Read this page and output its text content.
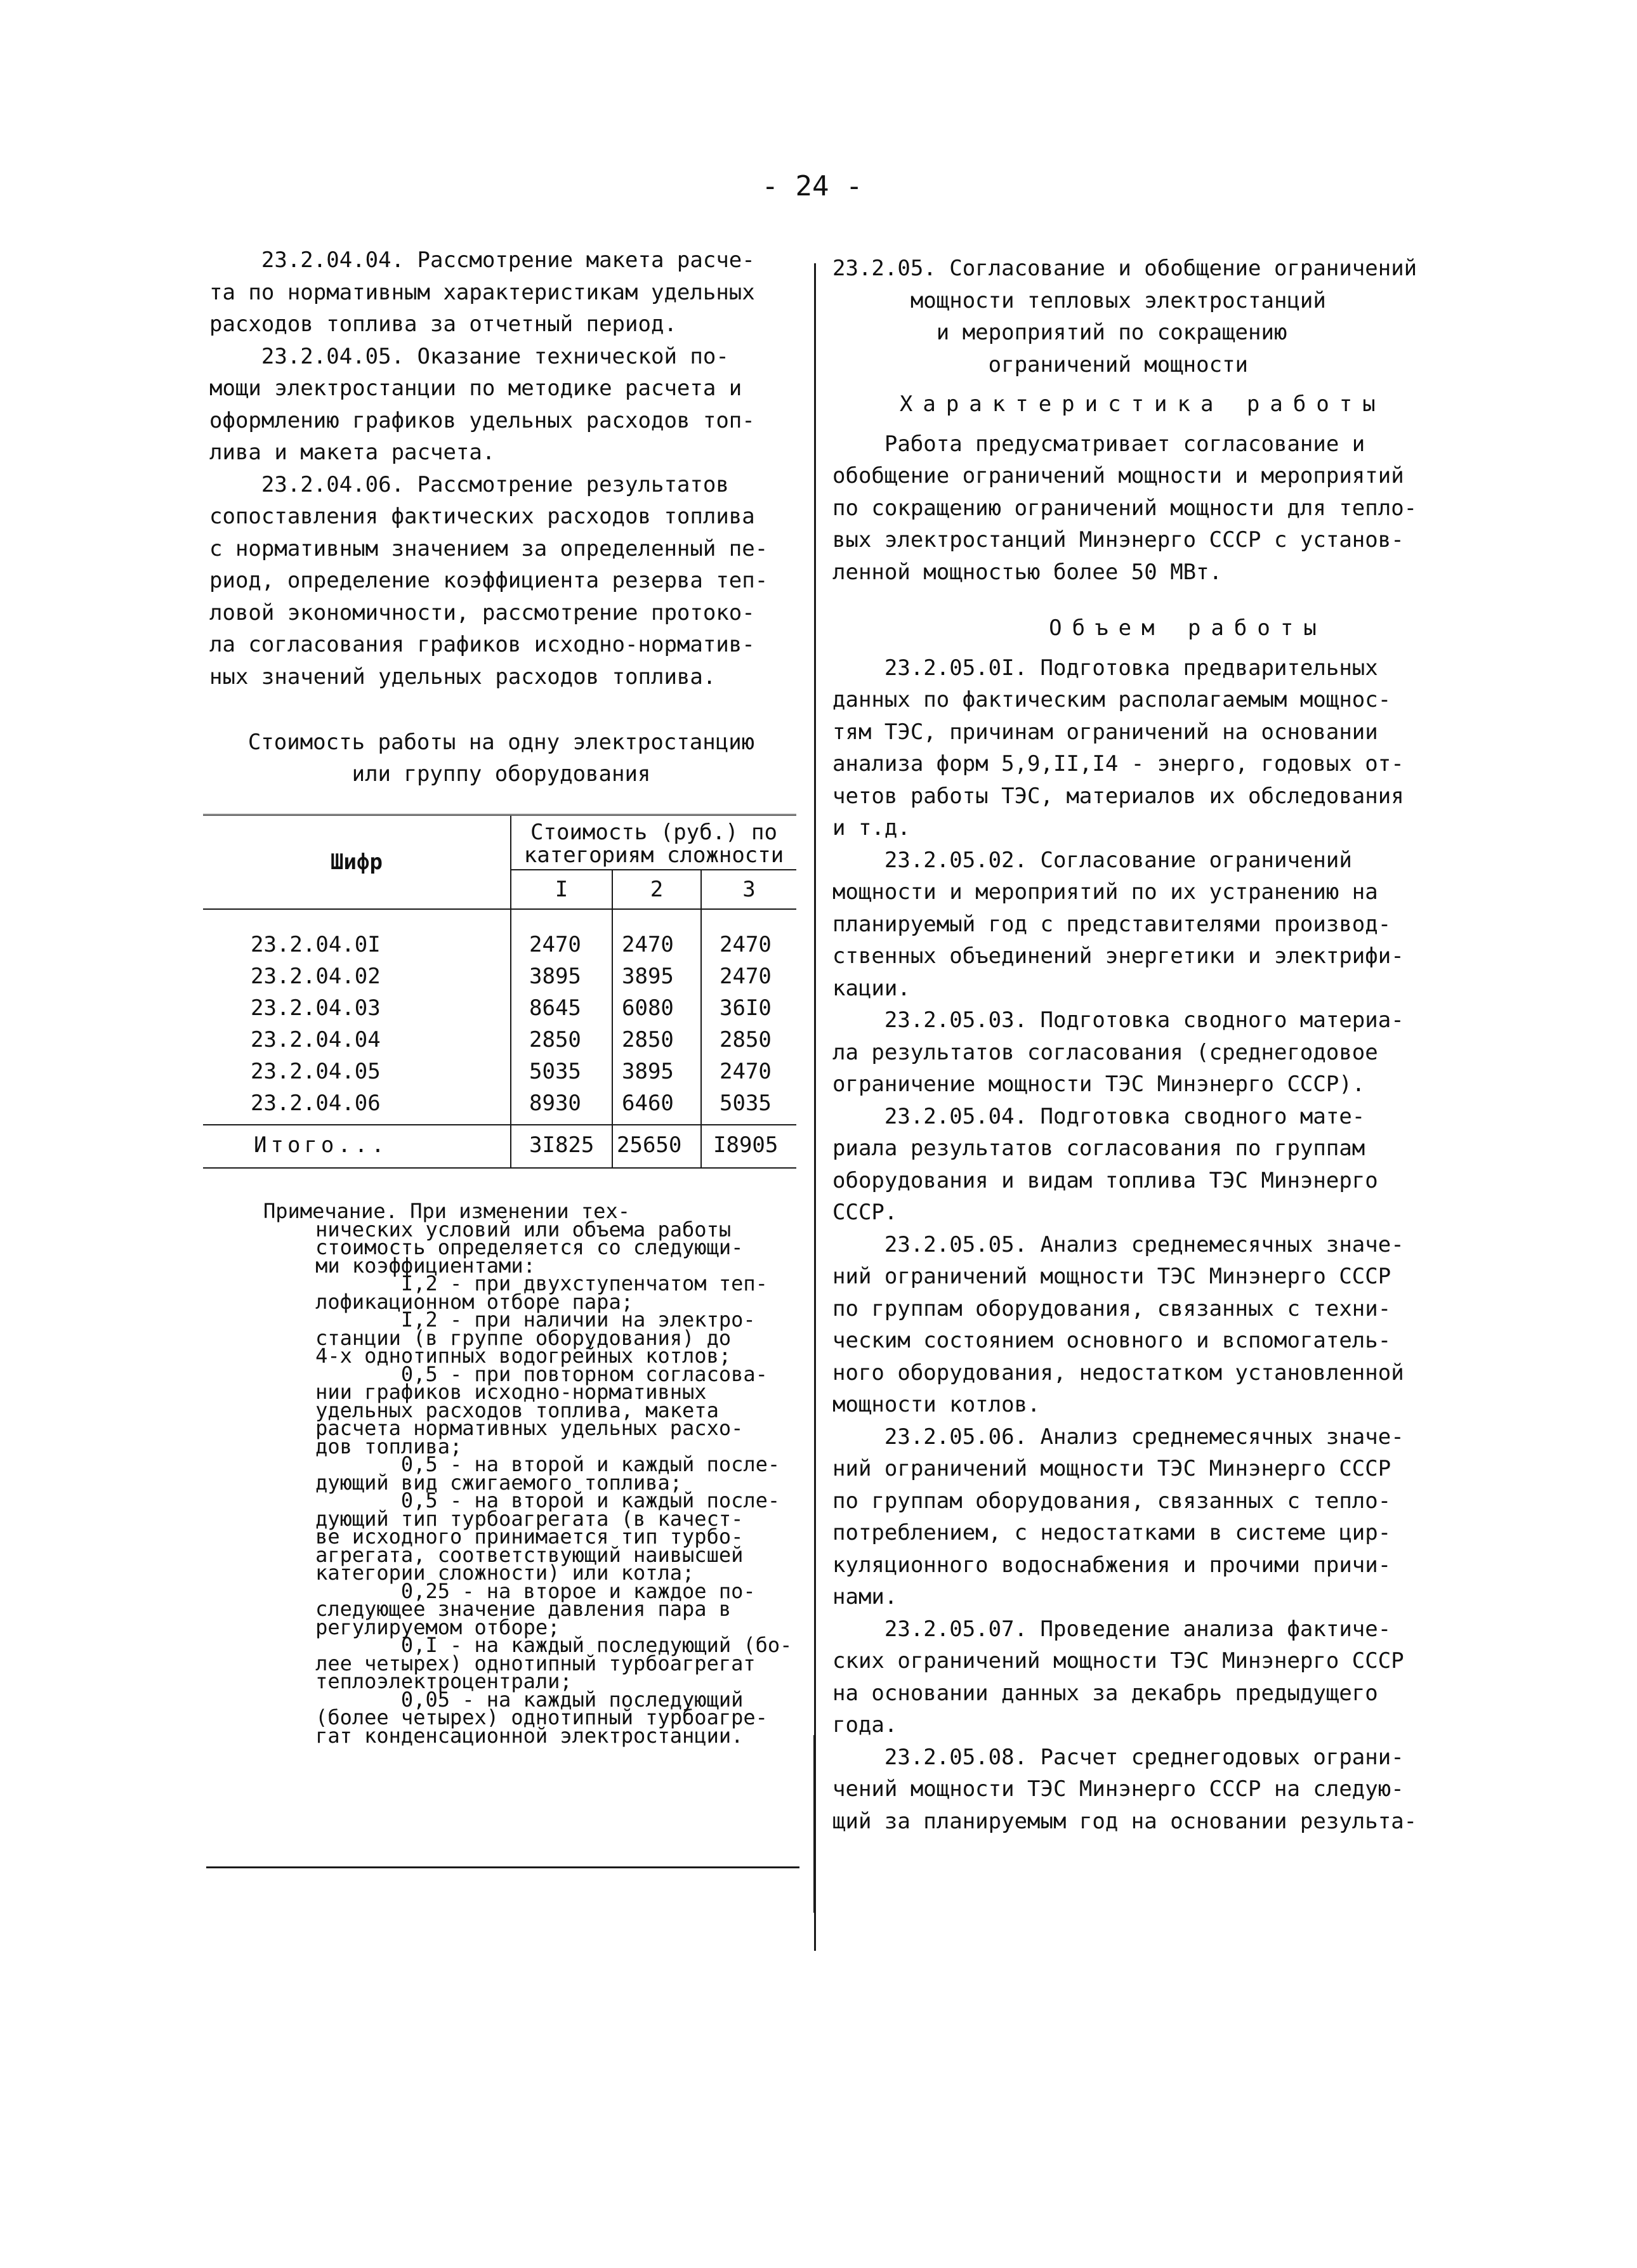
- 24 -

23.2.04.04. Рассмотрение макета расче-

та по нормативным характеристикам удельных

расходов топлива за отчетный период.

23.2.04.05. Оказание технической по-

мощи электростанции по методике расчета и

оформлению графиков удельных расходов топ-

лива и макета расчета.

23.2.04.06. Рассмотрение результатов

сопоставления фактических расходов топлива

с нормативным значением за определенный пе-

риод, определение коэффициента резерва теп-

ловой экономичности, рассмотрение протоко-

ла согласования графиков исходно-норматив-

ных значений удельных расходов топлива.

Стоимость работы на одну электростанцию
или группу оборудования
Шифр	Стоимость (руб.) по
категориям сложности		

	I	2	3
23.2.04.0I	2470	2470	2470
23.2.04.02	3895	3895	2470
23.2.04.03	8645	6080	36I0
23.2.04.04	2850	2850	2850
23.2.04.05	5035	3895	2470
23.2.04.06	8930	6460	5035
Итого...	3I825	25650	I8905

Примечание. При изменении тех-

нических условий или объема работы

стоимость определяется со следующи-

ми коэффициентами:

I,2 - при двухступенчатом теп-

лофикационном отборе пара;

I,2 - при наличии на электро-

станции (в группе оборудования) до

4-х однотипных водогрейных котлов;

0,5 - при повторном согласова-

нии графиков исходно-нормативных

удельных расходов топлива, макета

расчета нормативных удельных расхо-

дов топлива;

0,5 - на второй и каждый после-

дующий вид сжигаемого топлива;

0,5 - на второй и каждый после-

дующий тип турбоагрегата (в качест-

ве исходного принимается тип турбо-

агрегата, соответствующий наивысшей

категории сложности) или котла;

0,25 - на второе и каждое по-

следующее значение давления пара в

регулируемом отборе;

0,I - на каждый последующий (бо-

лее четырех) однотипный турбоагрегат

теплоэлектроцентрали;

0,05 - на каждый последующий

(более четырех) однотипный турбоагре-

гат конденсационной электростанции.

23.2.05. Согласование и обобщение ограничений

мощности тепловых электростанций

и мероприятий по сокращению

ограничений мощности

Характеристика работы

Работа предусматривает согласование и

обобщение ограничений мощности и мероприятий

по сокращению ограничений мощности для тепло-

вых электростанций Минэнерго СССР с установ-

ленной мощностью более 50 МВт.

Объем работы

23.2.05.0I. Подготовка предварительных

данных по фактическим располагаемым мощнос-

тям ТЭС, причинам ограничений на основании

анализа форм 5,9,II,I4 - энерго, годовых от-

четов работы ТЭС, материалов их обследования

и т.д.

23.2.05.02. Согласование ограничений

мощности и мероприятий по их устранению на

планируемый год с представителями производ-

ственных объединений энергетики и электрифи-

кации.

23.2.05.03. Подготовка сводного материа-

ла результатов согласования (среднегодовое

ограничение мощности ТЭС Минэнерго СССР).

23.2.05.04. Подготовка сводного мате-

риала результатов согласования по группам

оборудования и видам топлива ТЭС Минэнерго

СССР.

23.2.05.05. Анализ среднемесячных значе-

ний ограничений мощности ТЭС Минэнерго СССР

по группам оборудования, связанных с техни-

ческим состоянием основного и вспомогатель-

ного оборудования, недостатком установленной

мощности котлов.

23.2.05.06. Анализ среднемесячных значе-

ний ограничений мощности ТЭС Минэнерго СССР

по группам оборудования, связанных с тепло-

потреблением, с недостатками в системе цир-

куляционного водоснабжения и прочими причи-

нами.

23.2.05.07. Проведение анализа фактиче-

ских ограничений мощности ТЭС Минэнерго СССР

на основании данных за декабрь предыдущего

года.

23.2.05.08. Расчет среднегодовых ограни-

чений мощности ТЭС Минэнерго СССР на следую-

щий за планируемым год на основании результа-
